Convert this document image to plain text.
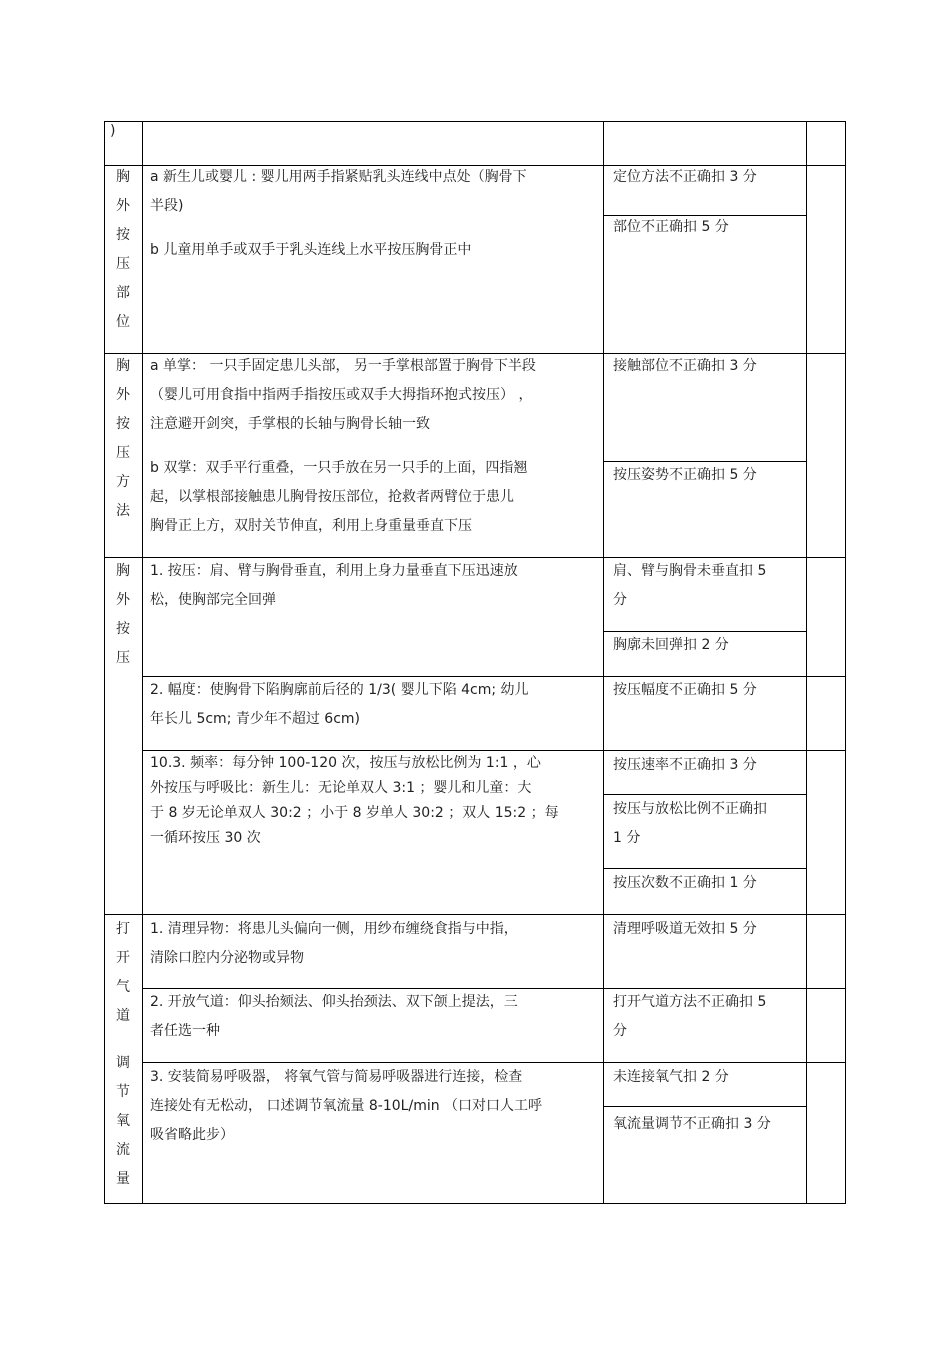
)
胸
外
按
压
部
位
a 新生儿或婴儿 : 婴儿用两手指紧贴乳头连线中点处（胸骨下
半段)
b 儿童用单手或双手于乳头连线上水平按压胸骨正中
定位方法不正确扣 3 分
部位不正确扣 5 分
胸
外
按
压
方
法
a 单掌： 一只手固定患儿头部， 另一手掌根部置于胸骨下半段
（婴儿可用食指中指两手指按压或双手大拇指环抱式按压） ，
注意避开剑突，手掌根的长轴与胸骨长轴一致
b 双掌：双手平行重叠，一只手放在另一只手的上面，四指翘
起，以掌根部接触患儿胸骨按压部位，抢救者两臂位于患儿
胸骨正上方，双肘关节伸直，利用上身重量垂直下压
接触部位不正确扣 3 分
按压姿势不正确扣 5 分
胸
外
按
压
1. 按压：肩、臂与胸骨垂直，利用上身力量垂直下压迅速放
松，使胸部完全回弹
肩、臂与胸骨未垂直扣 5
分
胸廓未回弹扣 2 分
2. 幅度：使胸骨下陷胸廓前后径的 1/3( 婴儿下陷 4cm; 幼儿
年长儿 5cm; 青少年不超过 6cm)
按压幅度不正确扣 5 分
10.3. 频率：每分钟 100-120 次，按压与放松比例为 1:1 ，心
外按压与呼吸比：新生儿：无论单双人 3:1 ；婴儿和儿童：大
于 8 岁无论单双人 30:2 ；小于 8 岁单人 30:2 ；双人 15:2 ；每
一循环按压 30 次
按压速率不正确扣 3 分
按压与放松比例不正确扣
1 分
按压次数不正确扣 1 分
打
开
气
道
调
节
氧
流
量
1. 清理异物：将患儿头偏向一侧，用纱布缠绕食指与中指，
清除口腔内分泌物或异物
清理呼吸道无效扣 5 分
2. 开放气道：仰头抬颏法、仰头抬颈法、双下颌上提法，三
者任选一种
打开气道方法不正确扣 5
分
3. 安装简易呼吸器， 将氧气管与简易呼吸器进行连接，检查
连接处有无松动， 口述调节氧流量 8-10L/min （口对口人工呼
吸省略此步）
未连接氧气扣 2 分
氧流量调节不正确扣 3 分
